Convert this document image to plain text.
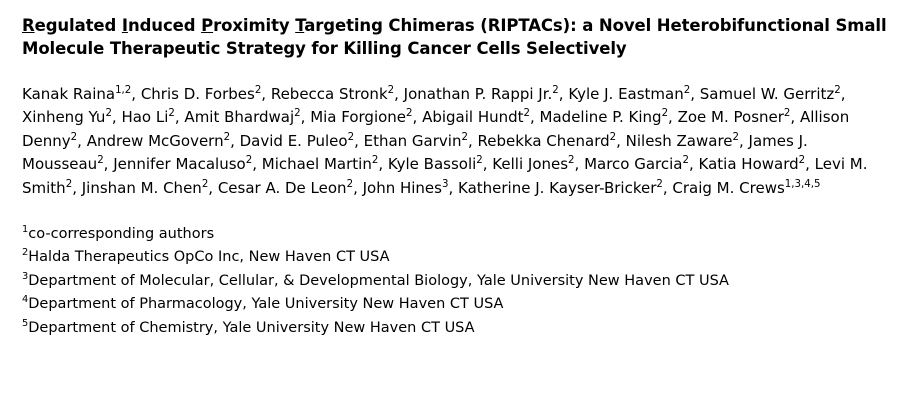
Regulated Induced Proximity Targeting Chimeras (RIPTACs): a Novel Heterobifunctional Small Molecule Therapeutic Strategy for Killing Cancer Cells Selectively

Kanak Raina$^{1,2}$, Chris D. Forbes$^2$, Rebecca Stronk$^2$, Jonathan P. Rappi Jr.$^2$, Kyle J. Eastman$^2$, Samuel W. Gerritz$^2$, Xinheng Yu$^2$, Hao Li$^2$, Amit Bhardwaj$^2$, Mia Forgione$^2$, Abigail Hundt$^2$, Madeline P. King$^2$, Zoe M. Posner$^2$, Allison Denny$^2$, Andrew McGovern$^2$, David E. Puleo$^2$, Ethan Garvin$^2$, Rebekka Chenard$^2$, Nilesh Zaware$^2$, James J. Mousseau$^2$, Jennifer Macaluso$^2$, Michael Martin$^2$, Kyle Bassoli$^2$, Kelli Jones$^2$, Marco Garcia$^2$, Katia Howard$^2$, Levi M. Smith$^2$, Jinshan M. Chen$^2$, Cesar A. De Leon$^2$, John Hines$^3$, Katherine J. Kayser-Bricker$^2$, Craig M. Crews$^{1,3,4,5}$

$^1$co-corresponding authors
$^2$Halda Therapeutics OpCo Inc, New Haven CT USA
$^3$Department of Molecular, Cellular, & Developmental Biology, Yale University New Haven CT USA
$^4$Department of Pharmacology, Yale University New Haven CT USA
$^5$Department of Chemistry, Yale University New Haven CT USA
